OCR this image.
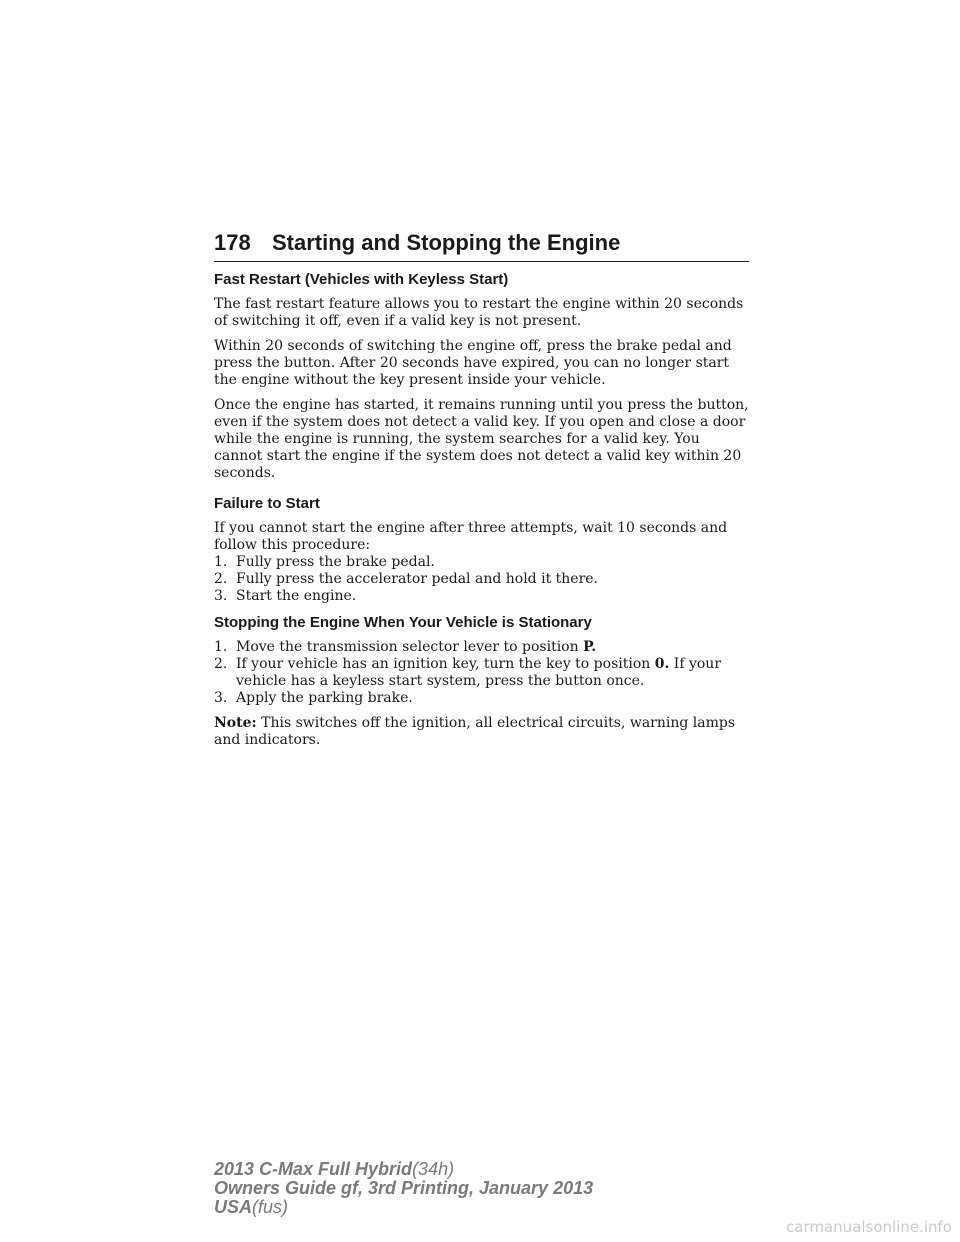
178 Starting and Stopping the Engine
Fast Restart (Vehicles with Keyless Start)

The fast restart feature allows you to restart the engine within 20 seconds of switching it off, even if a valid key is not present.

Within 20 seconds of switching the engine off, press the brake pedal and press the button. After 20 seconds have expired, you can no longer start the engine without the key present inside your vehicle.

Once the engine has started, it remains running until you press the button, even if the system does not detect a valid key. If you open and close a door while the engine is running, the system searches for a valid key. You cannot start the engine if the system does not detect a valid key within 20 seconds.

Failure to Start

If you cannot start the engine after three attempts, wait 10 seconds and follow this procedure:

1. Fully press the brake pedal.
2. Fully press the accelerator pedal and hold it there.
3. Start the engine.
Stopping the Engine When Your Vehicle is Stationary
1. Move the transmission selector lever to position P.
2. If your vehicle has an ignition key, turn the key to position 0. If your vehicle has a keyless start system, press the button once.
3. Apply the parking brake.

Note: This switches off the ignition, all electrical circuits, warning lamps and indicators.

2013 C-Max Full Hybrid(34h)
Owners Guide gf, 3rd Printing, January 2013
USA(fus)
carmanualsonline.info
